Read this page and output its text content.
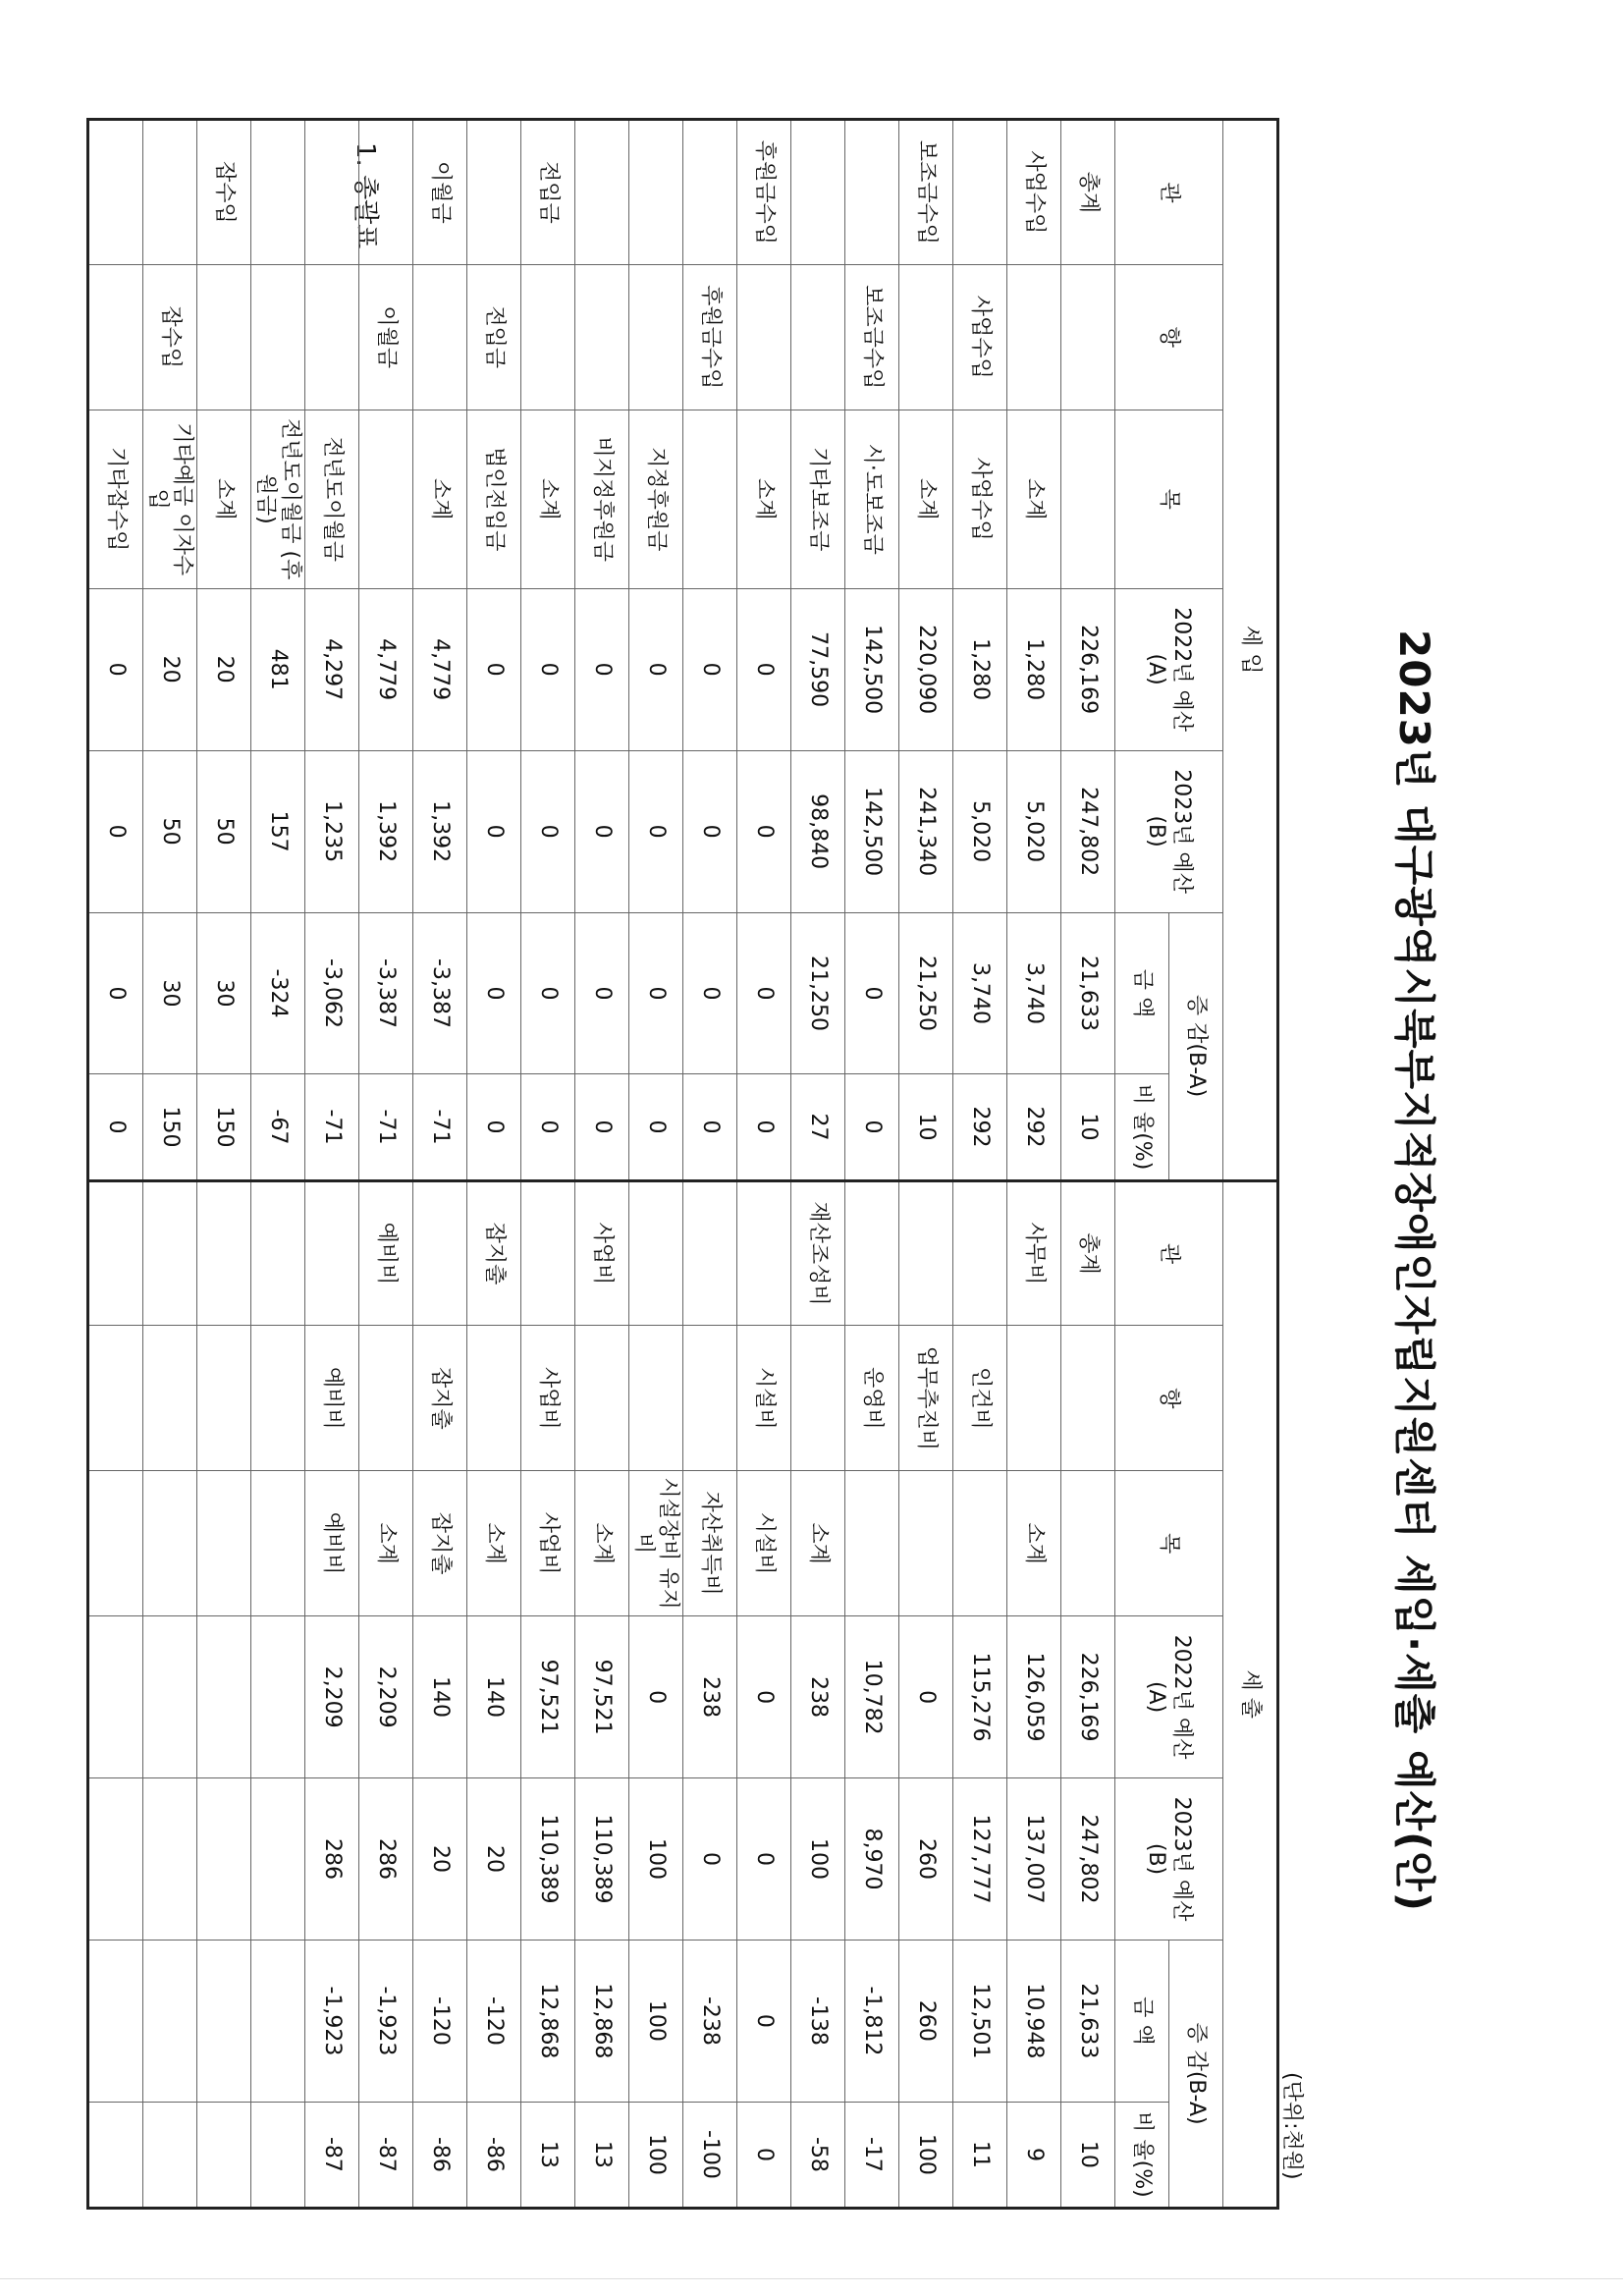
2023년 대구광역시북부지적장애인자립지원센터 세입·세출 예산(안)
1. 총괄표
(단위:천원)
세 입							세 출						
관	항	목	2022년 예산(A)	2023년 예산(B)	증 감(B-A)		관	항	목	2022년 예산(A)	2023년 예산(B)	증 감(B-A)	
					금 액	비 율(%)						금 액	비 율(%)
총계			226,169	247,802	21,633	10	총계			226,169	247,802	21,633	10
사업수입		소계	1,280	5,020	3,740	292	사무비		소계	126,059	137,007	10,948	9
	사업수입	사업수입	1,280	5,020	3,740	292		인건비		115,276	127,777	12,501	11
보조금수입		소계	220,090	241,340	21,250	10		업무추진비		0	260	260	100
	보조금수입	시·도보조금	142,500	142,500	0	0		운영비		10,782	8,970	-1,812	-17
		기타보조금	77,590	98,840	21,250	27	재산조성비		소계	238	100	-138	-58
후원금수입		소계	0	0	0	0		시설비	시설비	0	0	0	0
	후원금수입		0	0	0	0			자산취득비	238	0	-238	-100
		지정후원금	0	0	0	0			시설장비 유지비	0	100	100	100
		비지정후원금	0	0	0	0	사업비		소계	97,521	110,389	12,868	13
전입금		소계	0	0	0	0		사업비	사업비	97,521	110,389	12,868	13
	전입금	법인전입금	0	0	0	0	잡지출		소계	140	20	-120	-86
이월금		소계	4,779	1,392	-3,387	-71		잡지출	잡지출	140	20	-120	-86
	이월금		4,779	1,392	-3,387	-71	예비비		소계	2,209	286	-1,923	-87
		전년도이월금	4,297	1,235	-3,062	-71		예비비	예비비	2,209	286	-1,923	-87
		전년도이월금 (후원금)	481	157	-324	-67							
잡수입		소계	20	50	30	150							
	잡수입	기타예금 이자수입	20	50	30	150							
		기타잡수입	0	0	0	0							
